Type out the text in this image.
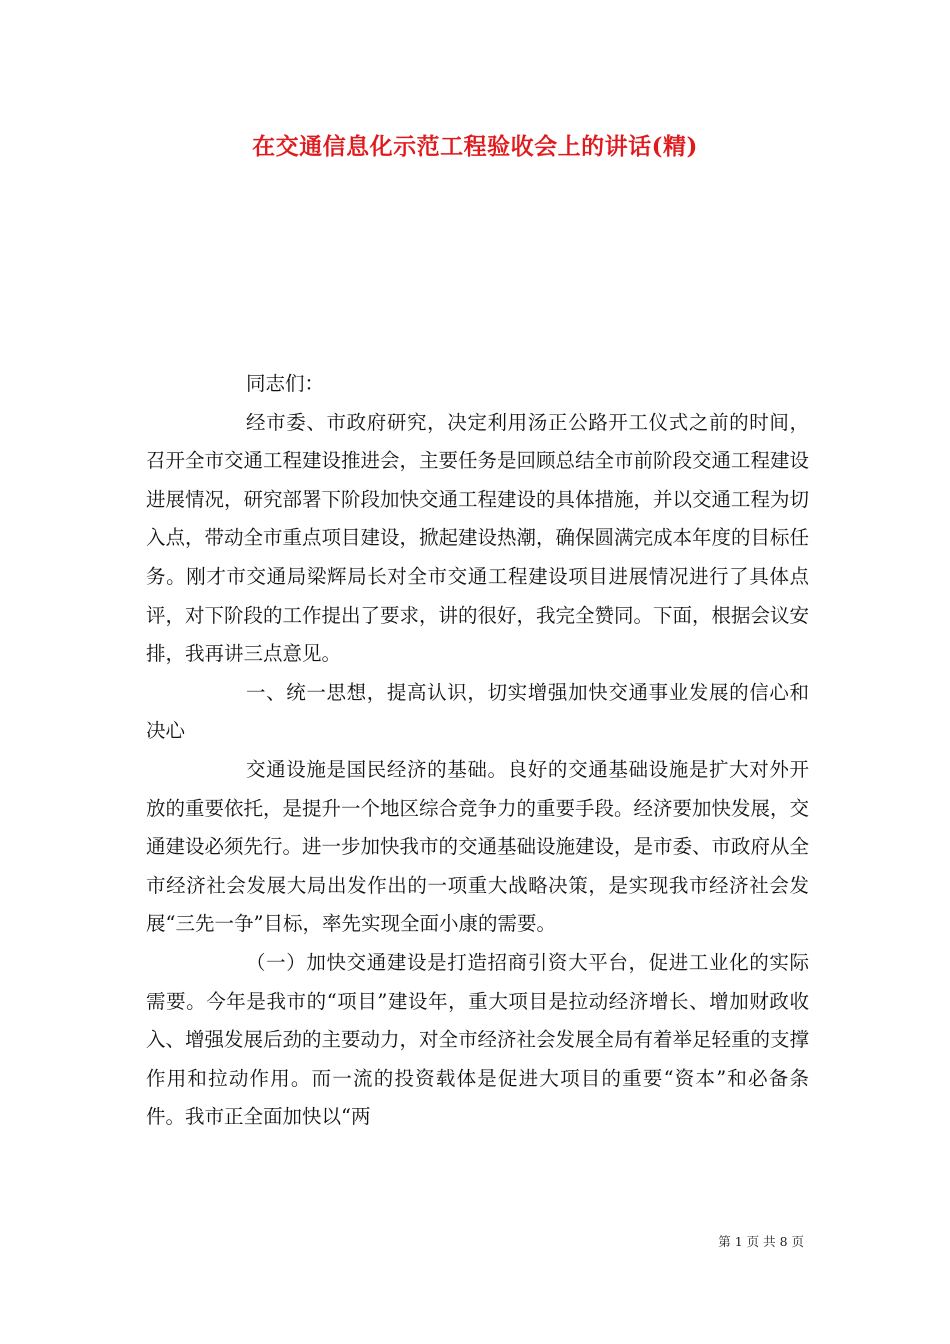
在交通信息化示范工程验收会上的讲话(精)

同志们：

经市委、市政府研究，决定利用汤正公路开工仪式之前的时间，召开全市交通工程建设推进会，主要任务是回顾总结全市前阶段交通工程建设进展情况，研究部署下阶段加快交通工程建设的具体措施，并以交通工程为切入点，带动全市重点项目建设，掀起建设热潮，确保圆满完成本年度的目标任务。刚才市交通局梁辉局长对全市交通工程建设项目进展情况进行了具体点评，对下阶段的工作提出了要求，讲的很好，我完全赞同。下面，根据会议安排，我再讲三点意见。

一、统一思想，提高认识，切实增强加快交通事业发展的信心和决心

交通设施是国民经济的基础。良好的交通基础设施是扩大对外开放的重要依托，是提升一个地区综合竞争力的重要手段。经济要加快发展，交通建设必须先行。进一步加快我市的交通基础设施建设，是市委、市政府从全市经济社会发展大局出发作出的一项重大战略决策，是实现我市经济社会发展“三先一争”目标，率先实现全面小康的需要。

（一）加快交通建设是打造招商引资大平台，促进工业化的实际需要。今年是我市的“项目”建设年，重大项目是拉动经济增长、增加财政收入、增强发展后劲的主要动力，对全市经济社会发展全局有着举足轻重的支撑作用和拉动作用。而一流的投资载体是促进大项目的重要“资本”和必备条件。我市正全面加快以“两

第 1 页 共 8 页
